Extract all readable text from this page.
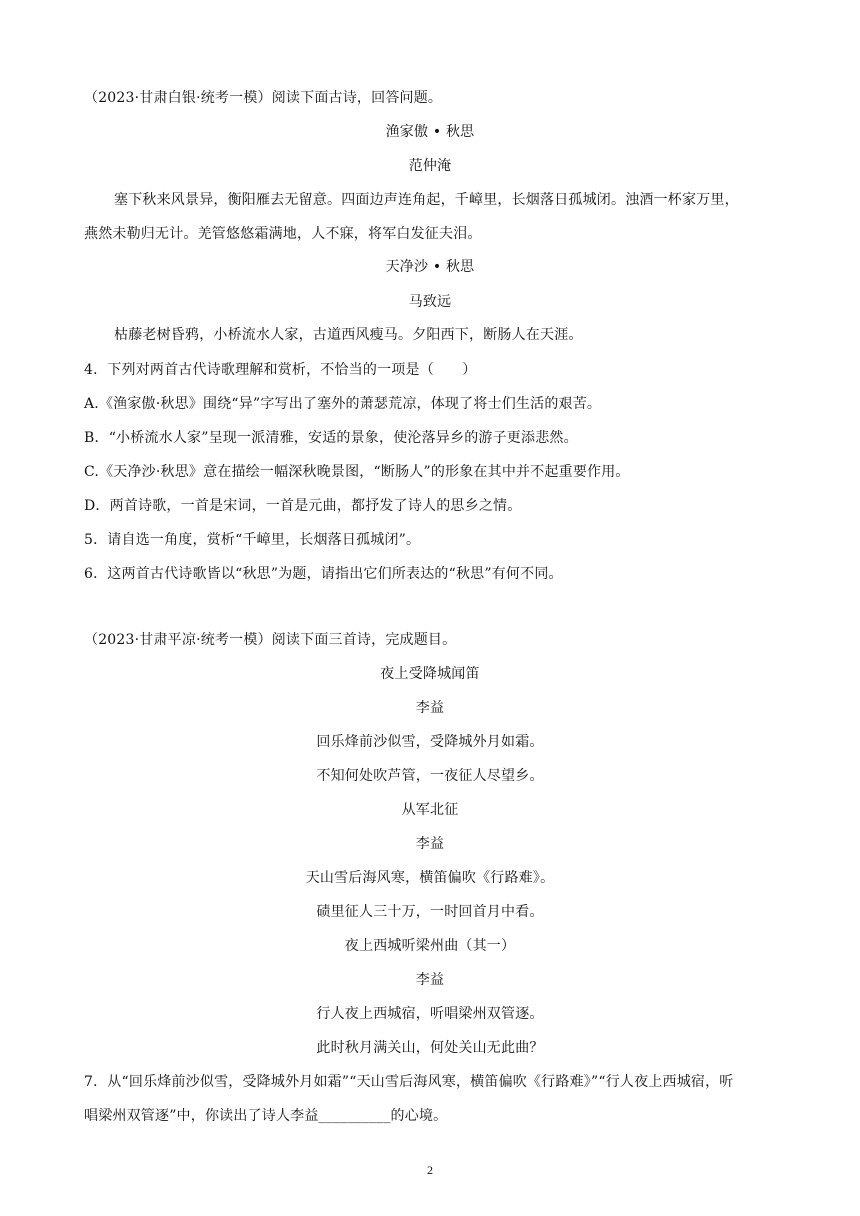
（2023·甘肃白银·统考一模）阅读下面古诗，回答问题。
渔家傲 • 秋思
范仲淹
塞下秋来风景异，衡阳雁去无留意。四面边声连角起，千嶂里，长烟落日孤城闭。浊酒一杯家万里，
燕然未勒归无计。羌管悠悠霜满地，人不寐，将军白发征夫泪。
天净沙 • 秋思
马致远
枯藤老树昏鸦，小桥流水人家，古道西风瘦马。夕阳西下，断肠人在天涯。
4．下列对两首古代诗歌理解和赏析，不恰当的一项是（　　）
A.《渔家傲·秋思》围绕“异”字写出了塞外的萧瑟荒凉，体现了将士们生活的艰苦。
B．“小桥流水人家”呈现一派清雅，安适的景象，使沦落异乡的游子更添悲然。
C.《天净沙·秋思》意在描绘一幅深秋晚景图，“断肠人”的形象在其中并不起重要作用。
D．两首诗歌，一首是宋词，一首是元曲，都抒发了诗人的思乡之情。
5．请自选一角度，赏析“千嶂里，长烟落日孤城闭”。
6．这两首古代诗歌皆以“秋思”为题，请指出它们所表达的“秋思”有何不同。
（2023·甘肃平凉·统考一模）阅读下面三首诗，完成题目。
夜上受降城闻笛
李益
回乐烽前沙似雪，受降城外月如霜。
不知何处吹芦管，一夜征人尽望乡。
从军北征
李益
天山雪后海风寒，横笛偏吹《行路难》。
碛里征人三十万，一时回首月中看。
夜上西城听梁州曲（其一）
李益
行人夜上西城宿，听唱梁州双管逐。
此时秋月满关山，何处关山无此曲？
7．从“回乐烽前沙似雪，受降城外月如霜”“天山雪后海风寒，横笛偏吹《行路难》”“行人夜上西城宿，听
唱梁州双管逐”中，你读出了诗人李益__________的心境。
2
